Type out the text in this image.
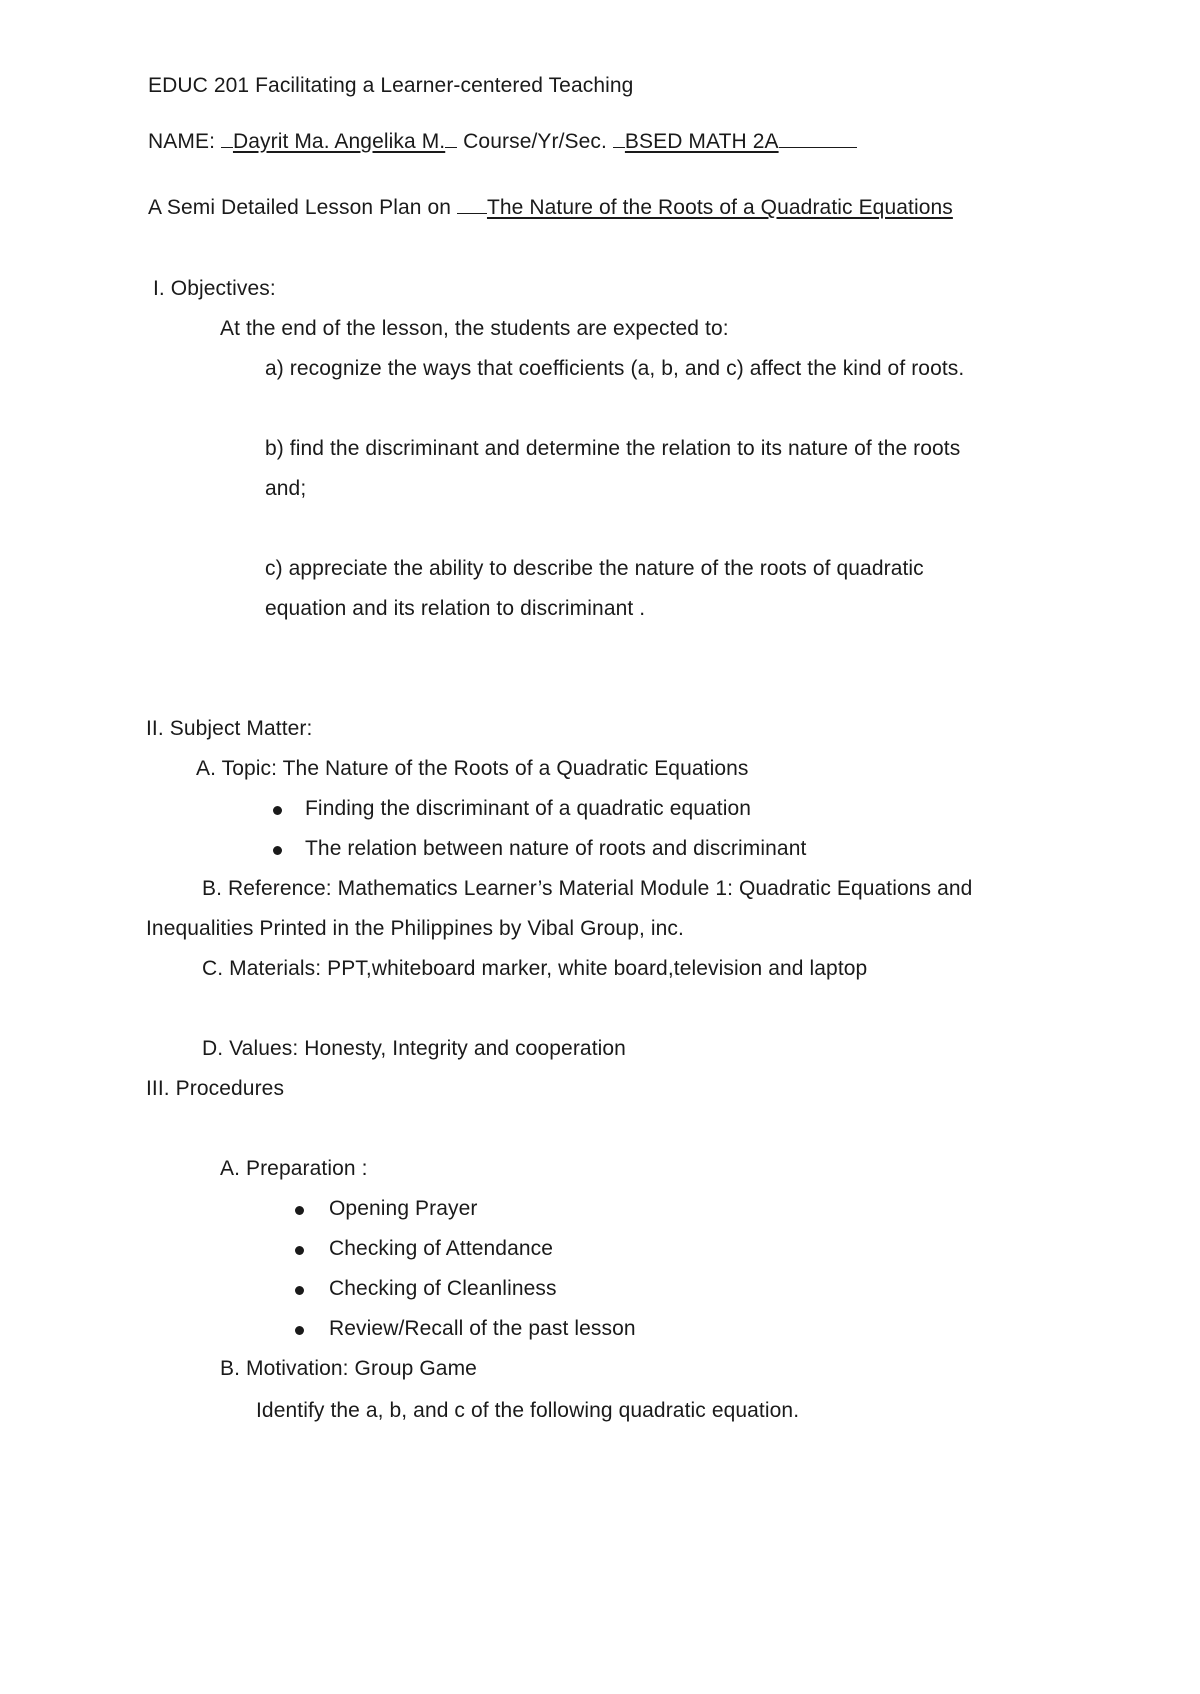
EDUC 201 Facilitating a Learner-centered Teaching
NAME: Dayrit Ma. Angelika M. Course/Yr/Sec. BSED MATH 2A
A Semi Detailed Lesson Plan on The Nature of the Roots of a Quadratic Equations
I. Objectives:
At the end of the lesson, the students are expected to:
a) recognize the ways that coefficients (a, b, and c) affect the kind of roots.
b) find the discriminant and determine the relation to its nature of the roots
and;
c) appreciate the ability to describe the nature of the roots of quadratic
equation and its relation to discriminant .
II. Subject Matter:
A. Topic: The Nature of the Roots of a Quadratic Equations
Finding the discriminant of a quadratic equation
The relation between nature of roots and discriminant
B. Reference: Mathematics Learner’s Material Module 1: Quadratic Equations and
Inequalities Printed in the Philippines by Vibal Group, inc.
C. Materials: PPT,whiteboard marker, white board,television and laptop
D. Values: Honesty, Integrity and cooperation
III. Procedures
A. Preparation :
Opening Prayer
Checking of Attendance
Checking of Cleanliness
Review/Recall of the past lesson
B. Motivation: Group Game
Identify the a, b, and c of the following quadratic equation.
